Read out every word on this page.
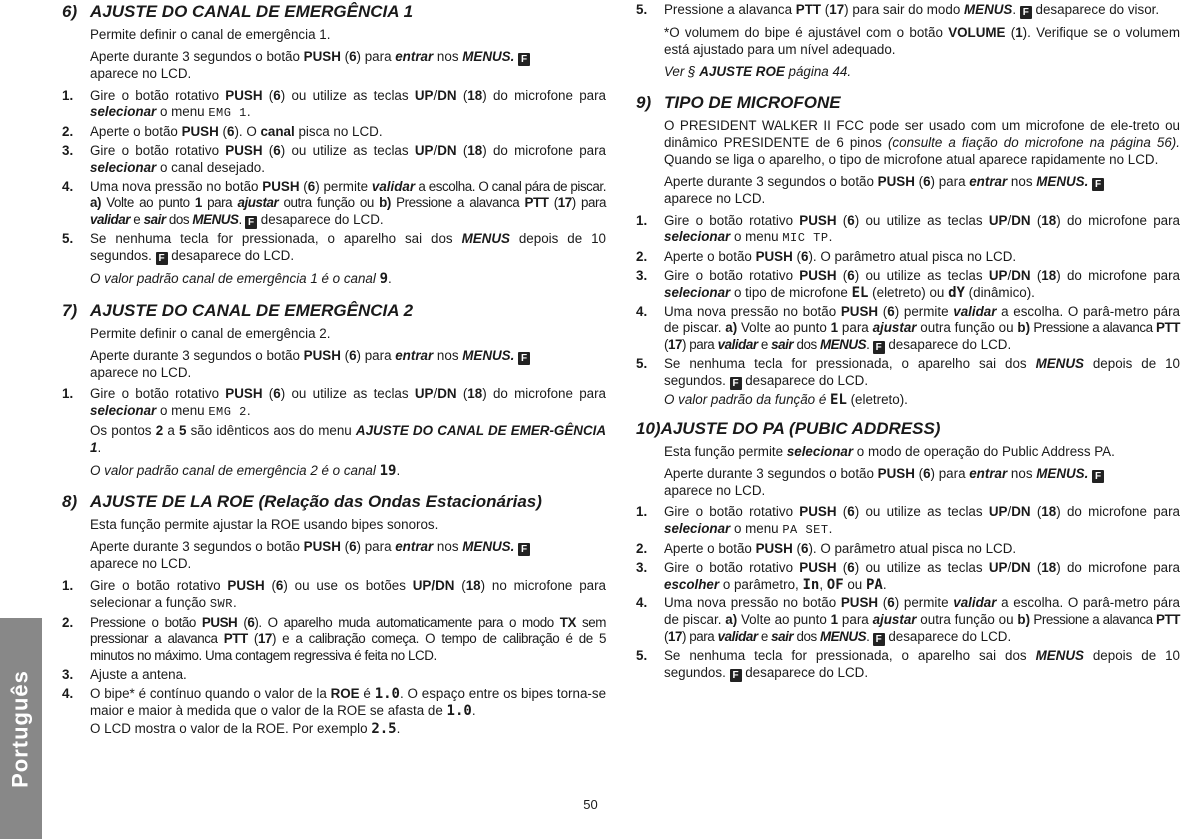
Português
6) AJUSTE DO CANAL DE EMERGÊNCIA 1
Permite definir o canal de emergência 1.
Aperte durante 3 segundos o botão PUSH (6) para entrar nos MENUS. F
aparece no LCD.
1.	Gire o botão rotativo PUSH (6) ou utilize as teclas UP/DN (18) do microfone para selecionar o menu EMG 1.
2.	Aperte o botão PUSH (6). O canal pisca no LCD.
3.	Gire o botão rotativo PUSH (6) ou utilize as teclas UP/DN (18) do microfone para selecionar o canal desejado.
4.	Uma nova pressão no botão PUSH (6) permite validar a escolha. O canal pára de piscar. a) Volte ao punto 1 para ajustar outra função ou b) Pressione a alavanca PTT (17) para validar e sair dos MENUS. F desaparece do LCD.
5.	Se nenhuma tecla for pressionada, o aparelho sai dos MENUS depois de 10 segundos. F desaparece do LCD.
O valor padrão canal de emergência 1 é o canal 9.
7) AJUSTE DO CANAL DE EMERGÊNCIA 2
Permite definir o canal de emergência 2.
Aperte durante 3 segundos o botão PUSH (6) para entrar nos MENUS. F
aparece no LCD.
1.	Gire o botão rotativo PUSH (6) ou utilize as teclas UP/DN (18) do microfone para selecionar o menu EMG 2.
Os pontos 2 a 5 são idênticos aos do menu AJUSTE DO CANAL DE EMER-GÊNCIA 1.
O valor padrão canal de emergência 2 é o canal 19.
8) AJUSTE DE LA ROE (Relação das Ondas Estacionárias)
Esta função permite ajustar la ROE usando bipes sonoros.
Aperte durante 3 segundos o botão PUSH (6) para entrar nos MENUS. F
aparece no LCD.
1.	Gire o botão rotativo PUSH (6) ou use os botões UP/DN (18) no microfone para selecionar a função SWR.
2.	Pressione o botão PUSH (6). O aparelho muda automaticamente para o modo TX sem pressionar a alavanca PTT (17) e a calibração começa. O tempo de calibração é de 5 minutos no máximo. Uma contagem regressiva é feita no LCD.
3.	Ajuste a antena.
4.	O bipe* é contínuo quando o valor de la ROE é 1.0. O espaço entre os bipes torna-se maior e maior à medida que o valor de la ROE se afasta de 1.0.
O LCD mostra o valor de la ROE. Por exemplo 2.5.
5.	Pressione a alavanca PTT (17) para sair do modo MENUS. F desaparece do visor.
*O volumem do bipe é ajustável com o botão VOLUME (1). Verifique se o volumem está ajustado para um nível adequado.
Ver § AJUSTE ROE página 44.
9) TIPO DE MICROFONE
O PRESIDENT WALKER II FCC pode ser usado com um microfone de ele-treto ou dinâmico PRESIDENTE de 6 pinos (consulte a fiação do microfone na página 56). Quando se liga o aparelho, o tipo de microfone atual aparece rapidamente no LCD.
Aperte durante 3 segundos o botão PUSH (6) para entrar nos MENUS. F
aparece no LCD.
1.	Gire o botão rotativo PUSH (6) ou utilize as teclas UP/DN (18) do microfone para selecionar o menu MIC TP.
2.	Aperte o botão PUSH (6). O parâmetro atual pisca no LCD.
3.	Gire o botão rotativo PUSH (6) ou utilize as teclas UP/DN (18) do microfone para selecionar o tipo de microfone EL (eletreto) ou dY (dinâmico).
4.	Uma nova pressão no botão PUSH (6) permite validar a escolha. O parâ-metro pára de piscar. a) Volte ao punto 1 para ajustar outra função ou b) Pressione a alavanca PTT (17) para validar e sair dos MENUS. F desaparece do LCD.
5.	Se nenhuma tecla for pressionada, o aparelho sai dos MENUS depois de 10 segundos. F desaparece do LCD.
O valor padrão da função é EL (eletreto).
10) AJUSTE DO PA (PUBIC ADDRESS)
Esta função permite selecionar o modo de operação do Public Address PA.
Aperte durante 3 segundos o botão PUSH (6) para entrar nos MENUS. F
aparece no LCD.
1.	Gire o botão rotativo PUSH (6) ou utilize as teclas UP/DN (18) do microfone para selecionar o menu PA SET.
2.	Aperte o botão PUSH (6). O parâmetro atual pisca no LCD.
3.	Gire o botão rotativo PUSH (6) ou utilize as teclas UP/DN (18) do microfone para escolher o parâmetro, In, OF ou PA.
4.	Uma nova pressão no botão PUSH (6) permite validar a escolha. O parâ-metro pára de piscar. a) Volte ao punto 1 para ajustar outra função ou b) Pressione a alavanca PTT (17) para validar e sair dos MENUS. F desaparece do LCD.
5.	Se nenhuma tecla for pressionada, o aparelho sai dos MENUS depois de 10 segundos. F desaparece do LCD.
50
